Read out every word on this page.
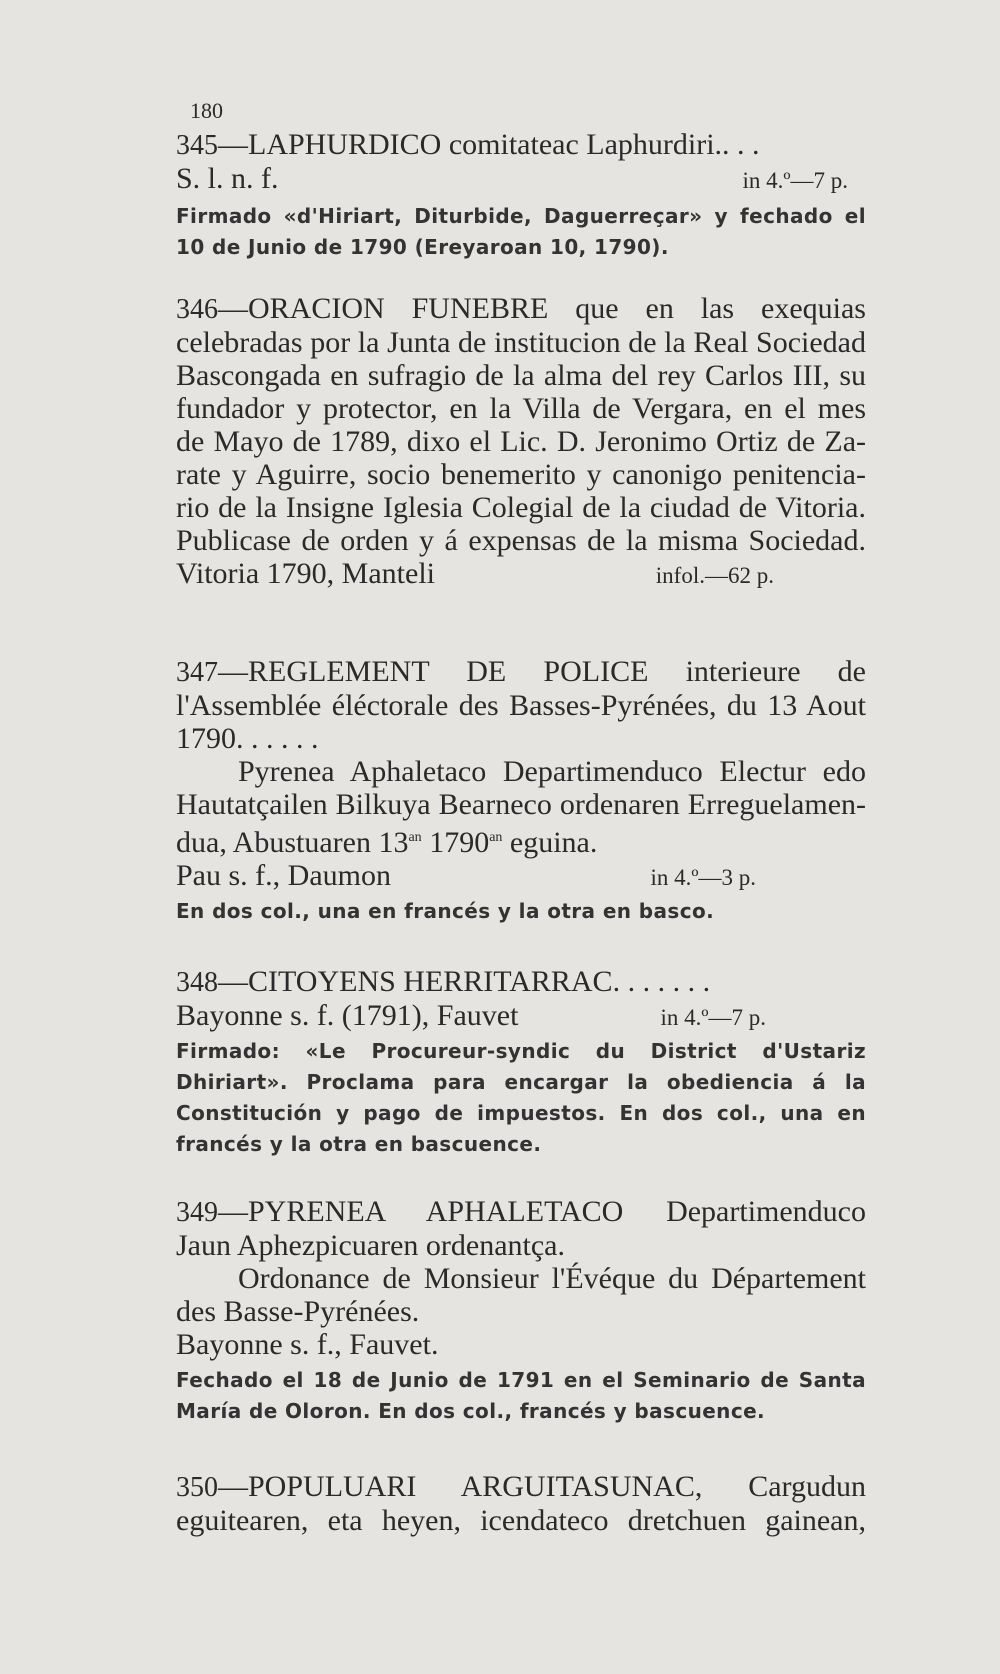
180
345—LAPHURDICO comitateac Laphurdiri.. . .
S. l. n. f.	in 4.º—7 p.
Firmado «d'Hiriart, Diturbide, Daguerreçar» y fechado el 10 de Junio de 1790 (Ereyaroan 10, 1790).
346—ORACION FUNEBRE que en las exequias
celebradas por la Junta de institucion de la Real Sociedad
Bascongada en sufragio de la alma del rey Carlos III, su
fundador y protector, en la Villa de Vergara, en el mes
de Mayo de 1789, dixo el Lic. D. Jeronimo Ortiz de Za-
rate y Aguirre, socio benemerito y canonigo penitencia-
rio de la Insigne Iglesia Colegial de la ciudad de Vitoria.
Publicase de orden y á expensas de la misma Sociedad.
Vitoria 1790, Manteli	infol.—62 p.
347—REGLEMENT DE POLICE interieure de
l'Assemblée éléctorale des Basses-Pyrénées, du 13 Aout
1790. . . . . .
Pyrenea Aphaletaco Departimenduco Electur edo
Hautatçailen Bilkuya Bearneco ordenaren Erreguelamen-
dua, Abustuaren $13^{an}$ $1790^{an}$ eguina.
Pau s. f., Daumon	in 4.º—3 p.
En dos col., una en francés y la otra en basco.
348—CITOYENS HERRITARRAC. . . . . . .
Bayonne s. f. (1791), Fauvet	in 4.º—7 p.
Firmado: «Le Procureur-syndic du District d'Ustariz Dhiriart». Proclama para encargar la obediencia á la Constitución y pago de impuestos. En dos col., una en francés y la otra en bascuence.
349—PYRENEA APHALETACO Departimenduco
Jaun Aphezpicuaren ordenantça.
Ordonance de Monsieur l'Évéque du Département
des Basse-Pyrénées.
Bayonne s. f., Fauvet.
Fechado el 18 de Junio de 1791 en el Seminario de Santa María de Oloron. En dos col., francés y bascuence.
350—POPULUARI ARGUITASUNAC, Cargudun
eguitearen, eta heyen, icendateco dretchuen gainean,
